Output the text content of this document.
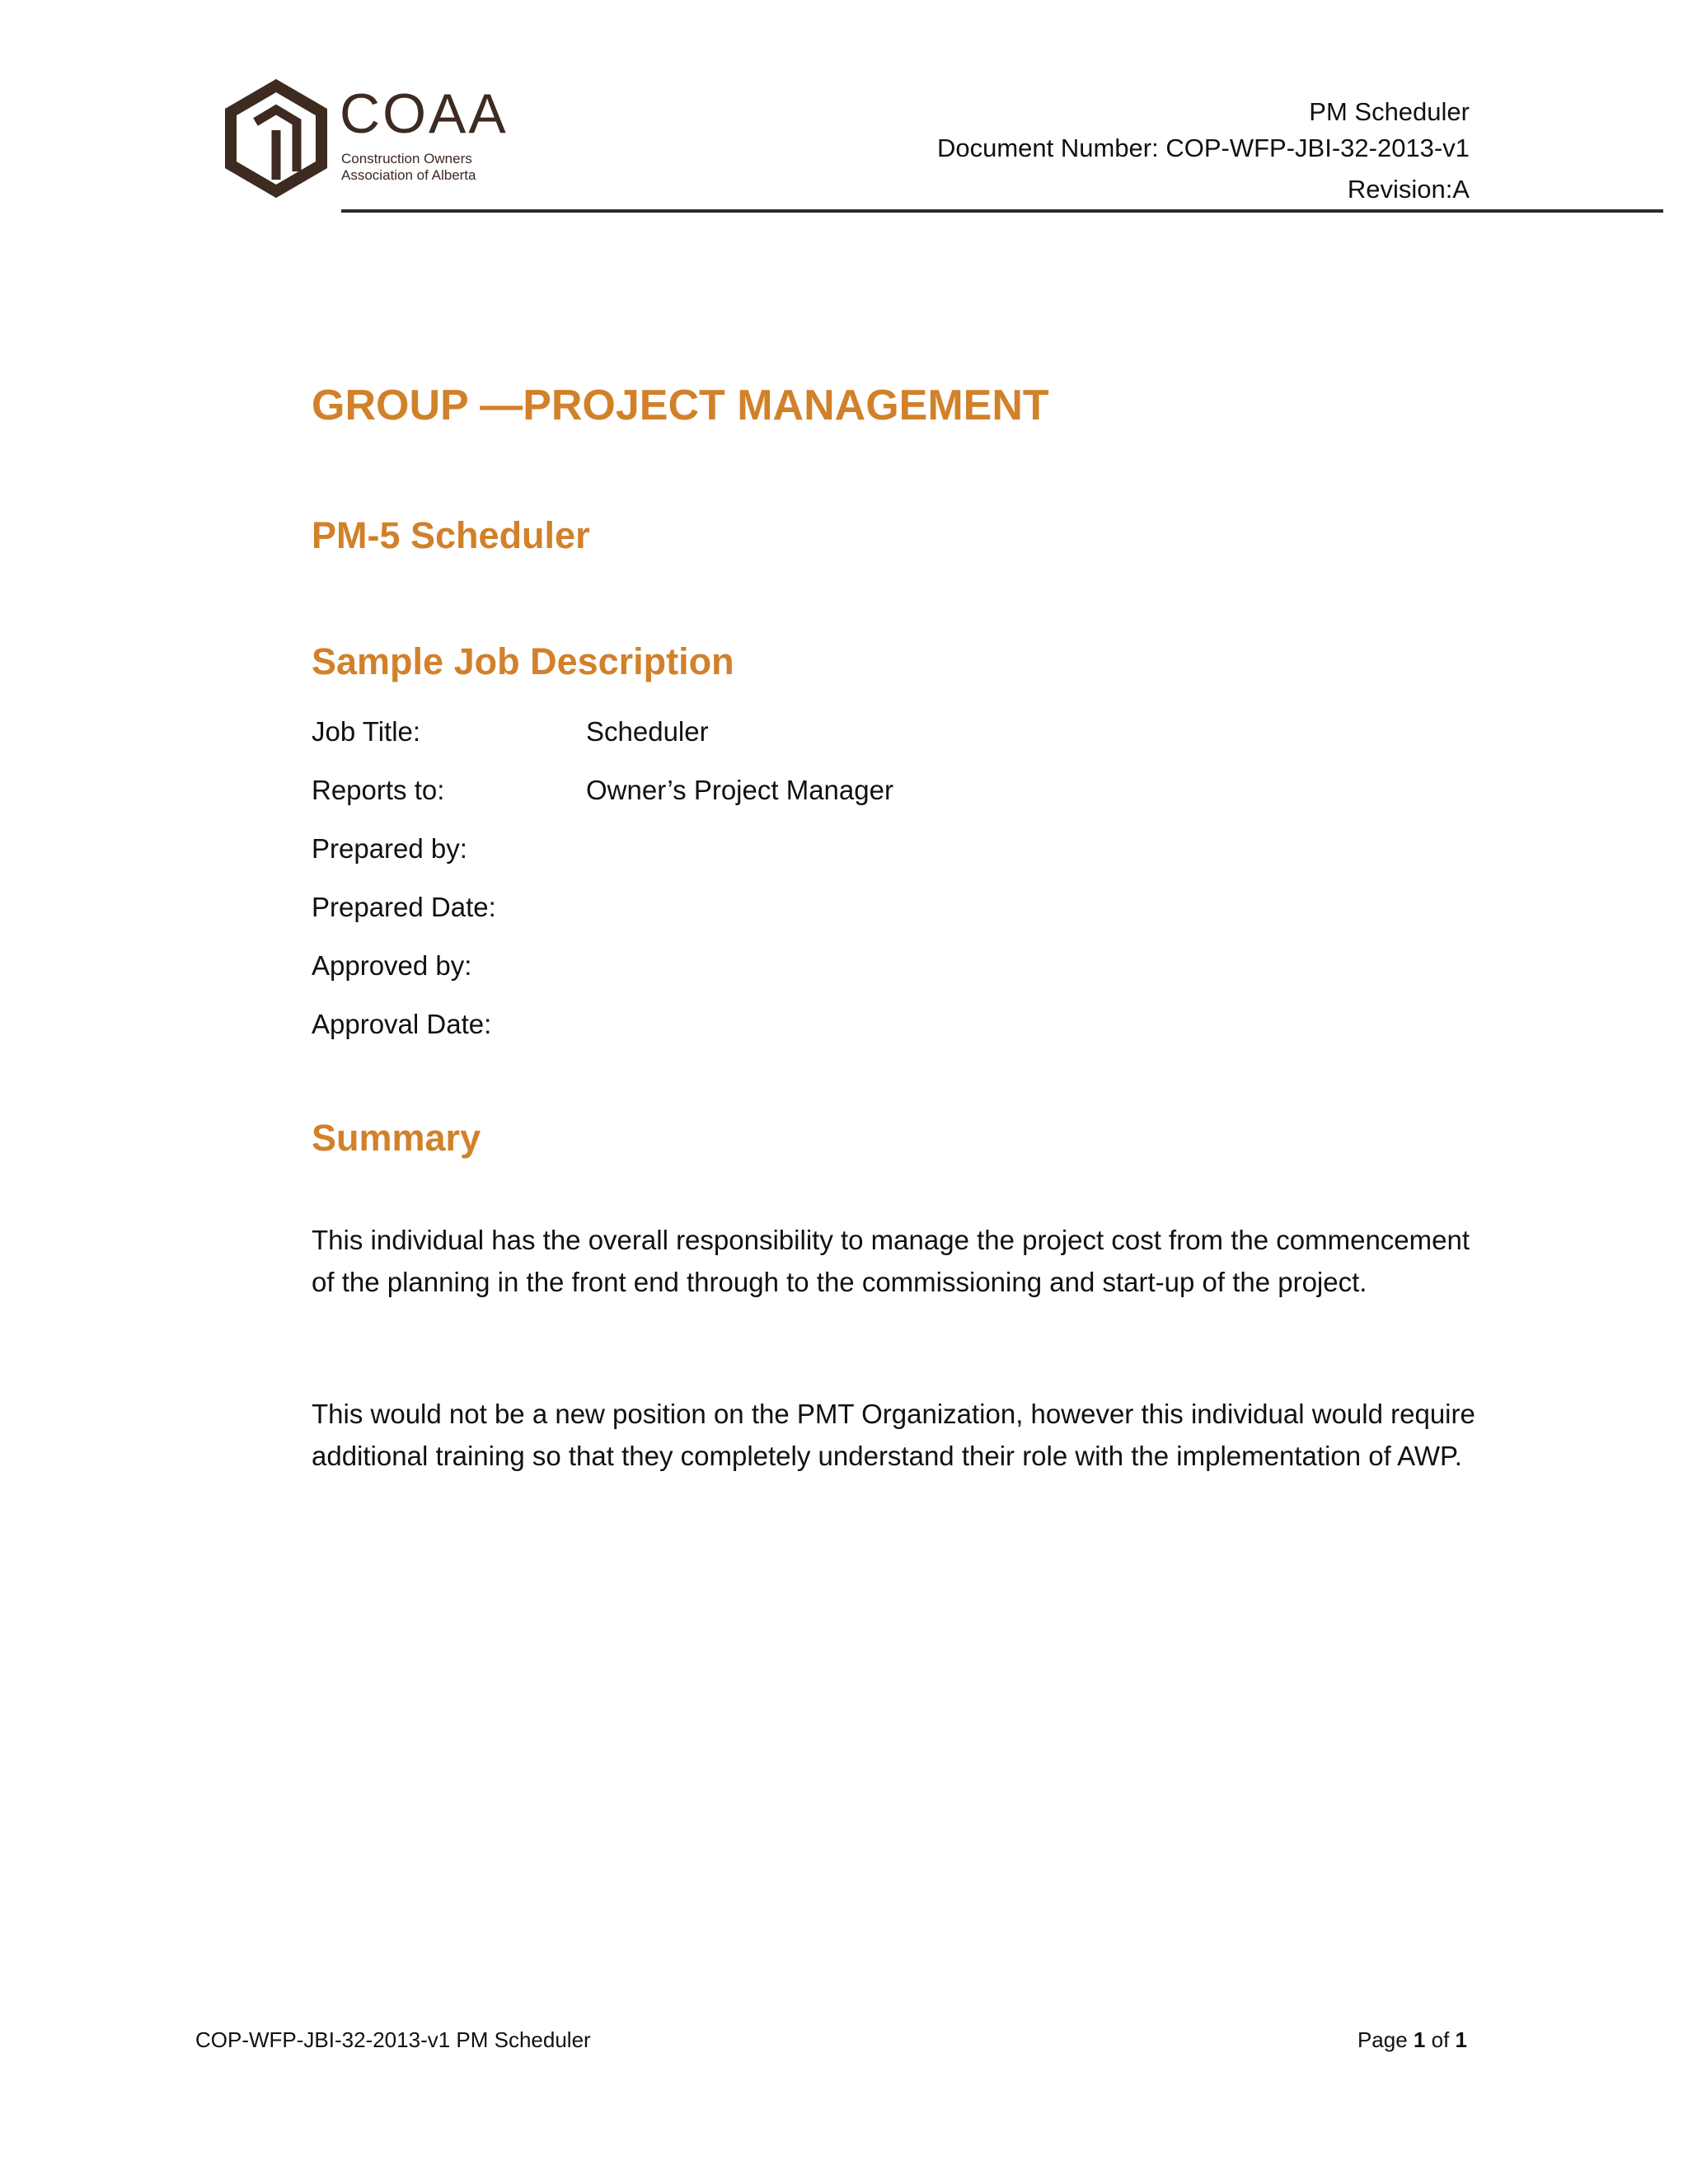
COAA
Construction Owners
Association of Alberta
PM Scheduler
Document Number: COP-WFP-JBI-32-2013-v1
Revision:A
GROUP —PROJECT MANAGEMENT
PM-5 Scheduler
Sample Job Description
Job Title:	Scheduler
Reports to:	Owner’s Project Manager
Prepared by:
Prepared Date:
Approved by:
Approval Date:
Summary
This individual has the overall responsibility to manage the project cost from the commencement of the planning in the front end through to the commissioning and start-up of the project.
This would not be a new position on the PMT Organization, however this individual would require additional training so that they completely understand their role with the implementation of AWP.
COP-WFP-JBI-32-2013-v1 PM Scheduler	Page 1 of 1
